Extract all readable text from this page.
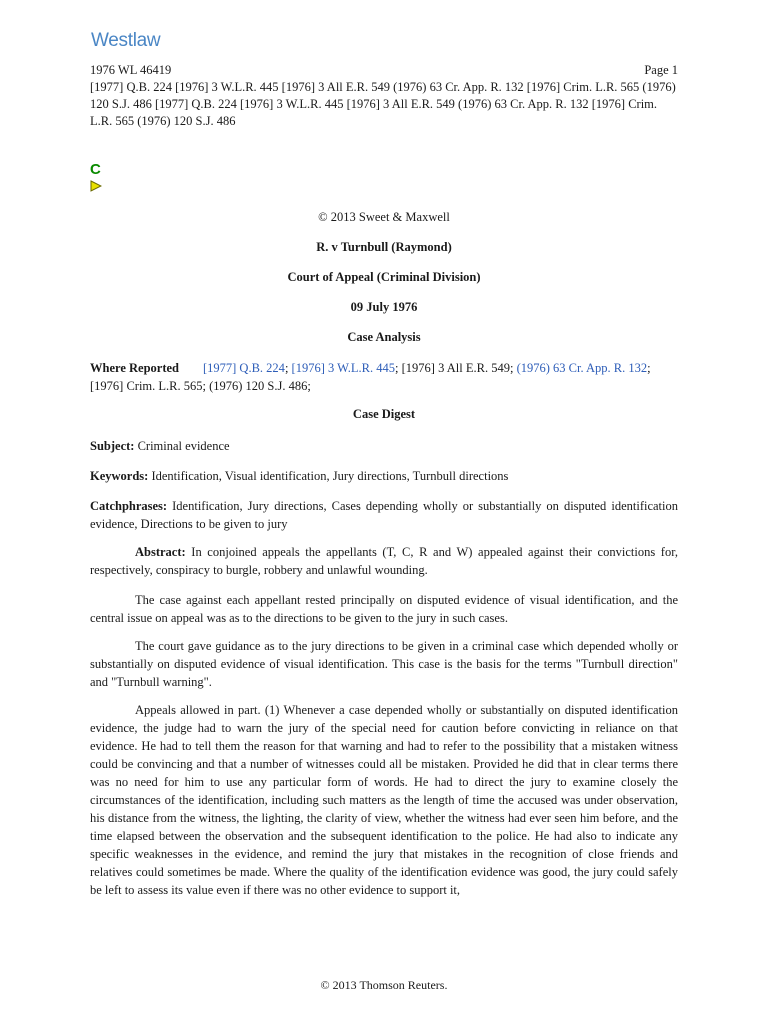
Westlaw
1976 WL 46419	Page 1
[1977] Q.B. 224 [1976] 3 W.L.R. 445 [1976] 3 All E.R. 549 (1976) 63 Cr. App. R. 132 [1976] Crim. L.R. 565 (1976) 120 S.J. 486 [1977] Q.B. 224 [1976] 3 W.L.R. 445 [1976] 3 All E.R. 549 (1976) 63 Cr. App. R. 132 [1976] Crim. L.R. 565 (1976) 120 S.J. 486
C
© 2013 Sweet & Maxwell
R. v Turnbull (Raymond)
Court of Appeal (Criminal Division)
09 July 1976
Case Analysis
Where Reported [1977] Q.B. 224; [1976] 3 W.L.R. 445; [1976] 3 All E.R. 549; (1976) 63 Cr. App. R. 132; [1976] Crim. L.R. 565; (1976) 120 S.J. 486;
Case Digest
Subject: Criminal evidence
Keywords: Identification, Visual identification, Jury directions, Turnbull directions
Catchphrases: Identification, Jury directions, Cases depending wholly or substantially on disputed identification evidence, Directions to be given to jury
Abstract: In conjoined appeals the appellants (T, C, R and W) appealed against their convictions for, respectively, conspiracy to burgle, robbery and unlawful wounding.
The case against each appellant rested principally on disputed evidence of visual identification, and the central issue on appeal was as to the directions to be given to the jury in such cases.
The court gave guidance as to the jury directions to be given in a criminal case which depended wholly or substantially on disputed evidence of visual identification. This case is the basis for the terms "Turnbull direction" and "Turnbull warning".
Appeals allowed in part. (1) Whenever a case depended wholly or substantially on disputed identification evidence, the judge had to warn the jury of the special need for caution before convicting in reliance on that evidence. He had to tell them the reason for that warning and had to refer to the possibility that a mistaken witness could be convincing and that a number of witnesses could all be mistaken. Provided he did that in clear terms there was no need for him to use any particular form of words. He had to direct the jury to examine closely the circumstances of the identification, including such matters as the length of time the accused was under observation, his distance from the witness, the lighting, the clarity of view, whether the witness had ever seen him before, and the time elapsed between the observation and the subsequent identification to the police. He had also to indicate any specific weaknesses in the evidence, and remind the jury that mistakes in the recognition of close friends and relatives could sometimes be made. Where the quality of the identification evidence was good, the jury could safely be left to assess its value even if there was no other evidence to support it,
© 2013 Thomson Reuters.
